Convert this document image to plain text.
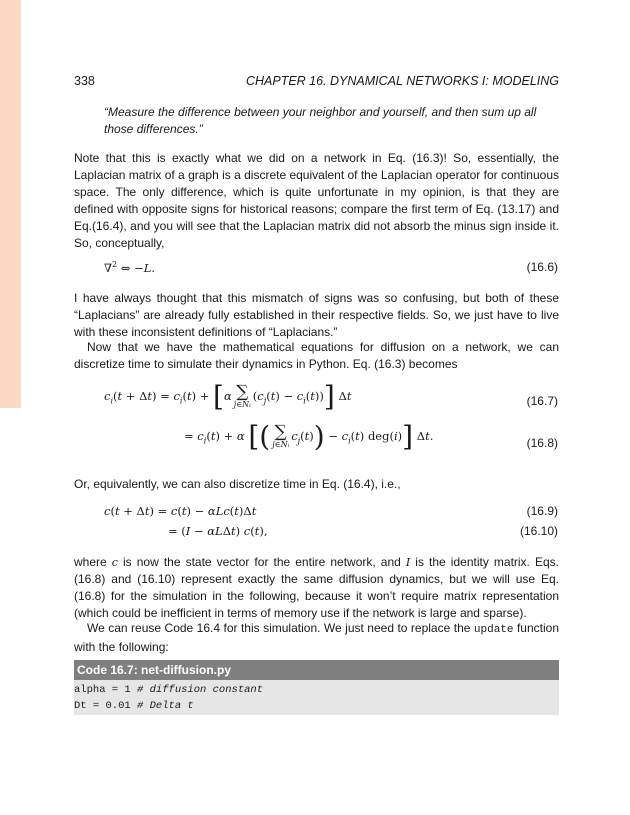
338	CHAPTER 16. DYNAMICAL NETWORKS I: MODELING
“Measure the difference between your neighbor and yourself, and then sum up all those differences.”
Note that this is exactly what we did on a network in Eq. (16.3)! So, essentially, the Laplacian matrix of a graph is a discrete equivalent of the Laplacian operator for continuous space. The only difference, which is quite unfortunate in my opinion, is that they are defined with opposite signs for historical reasons; compare the first term of Eq. (13.17) and Eq.(16.4), and you will see that the Laplacian matrix did not absorb the minus sign inside it. So, conceptually,
∇$^2$ ⇔ −L.	(16.6)
I have always thought that this mismatch of signs was so confusing, but both of these “Laplacians” are already fully established in their respective fields. So, we just have to live with these inconsistent definitions of “Laplacians.”
Now that we have the mathematical equations for diffusion on a network, we can discretize time to simulate their dynamics in Python. Eq. (16.3) becomes
$c_i(t + \Delta t) = c_i(t) + [\alpha$ ∑
j∈Nᵢ
$(c_j(t) - c_i(t))$] Δt	(16.7)
= $c_i(t) + \alpha$ [( ∑
j∈Nᵢ
$c_j(t)) - c_i(t)$ deg(i)] Δt.	(16.8)
Or, equivalently, we can also discretize time in Eq. (16.4), i.e.,
c(t + Δt) = c(t) − αLc(t)Δt	(16.9)
= (I − αLΔt) c(t),	(16.10)
where c is now the state vector for the entire network, and I is the identity matrix. Eqs. (16.8) and (16.10) represent exactly the same diffusion dynamics, but we will use Eq. (16.8) for the simulation in the following, because it won’t require matrix representation (which could be inefficient in terms of memory use if the network is large and sparse).
We can reuse Code 16.4 for this simulation. We just need to replace the update function with the following:
Code 16.7: net-diffusion.py
alpha = 1 # diffusion constant
Dt = 0.01 # Delta t
